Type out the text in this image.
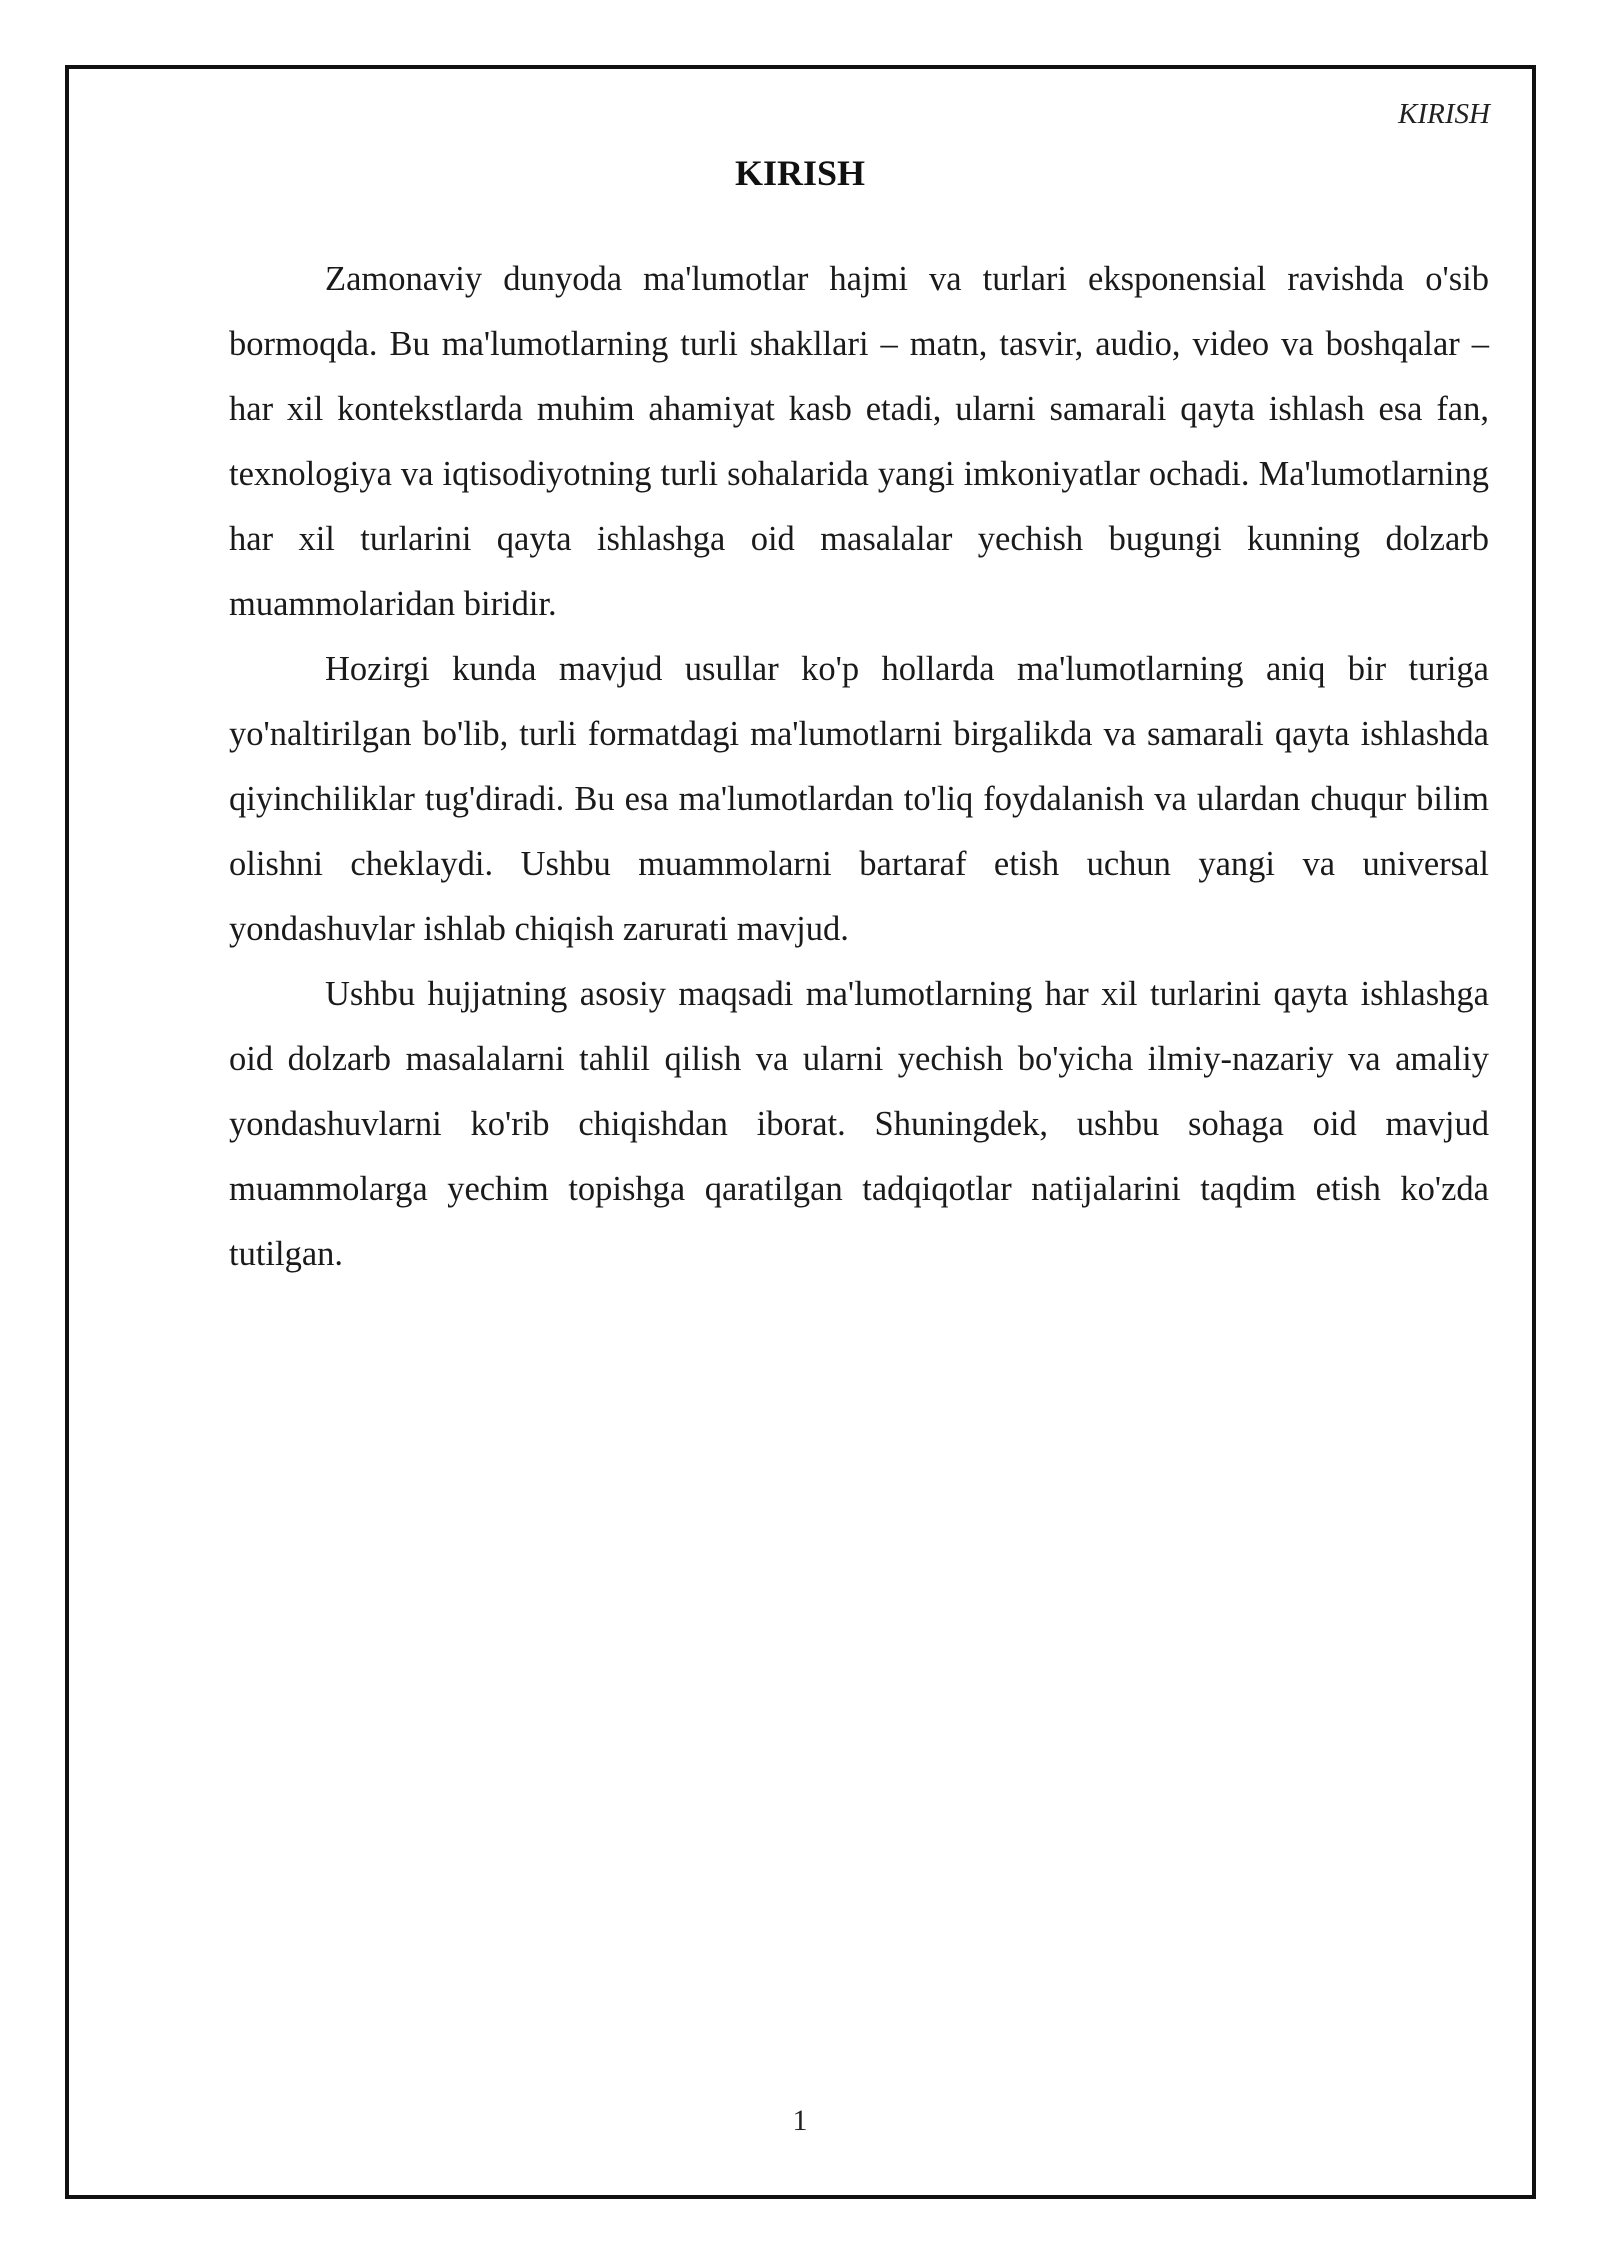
KIRISH
KIRISH

Zamonaviy dunyoda ma'lumotlar hajmi va turlari eksponensial ravishda o'sib bormoqda. Bu ma'lumotlarning turli shakllari – matn, tasvir, audio, video va boshqalar – har xil kontekstlarda muhim ahamiyat kasb etadi, ularni samarali qayta ishlash esa fan, texnologiya va iqtisodiyotning turli sohalarida yangi imkoniyatlar ochadi. Ma'lumotlarning har xil turlarini qayta ishlashga oid masalalar yechish bugungi kunning dolzarb muammolaridan biridir.

Hozirgi kunda mavjud usullar ko'p hollarda ma'lumotlarning aniq bir turiga yo'naltirilgan bo'lib, turli formatdagi ma'lumotlarni birgalikda va samarali qayta ishlashda qiyinchiliklar tug'diradi. Bu esa ma'lumotlardan to'liq foydalanish va ulardan chuqur bilim olishni cheklaydi. Ushbu muammolarni bartaraf etish uchun yangi va universal yondashuvlar ishlab chiqish zarurati mavjud.

Ushbu hujjatning asosiy maqsadi ma'lumotlarning har xil turlarini qayta ishlashga oid dolzarb masalalarni tahlil qilish va ularni yechish bo'yicha ilmiy-nazariy va amaliy yondashuvlarni ko'rib chiqishdan iborat. Shuningdek, ushbu sohaga oid mavjud muammolarga yechim topishga qaratilgan tadqiqotlar natijalarini taqdim etish ko'zda tutilgan.

1
